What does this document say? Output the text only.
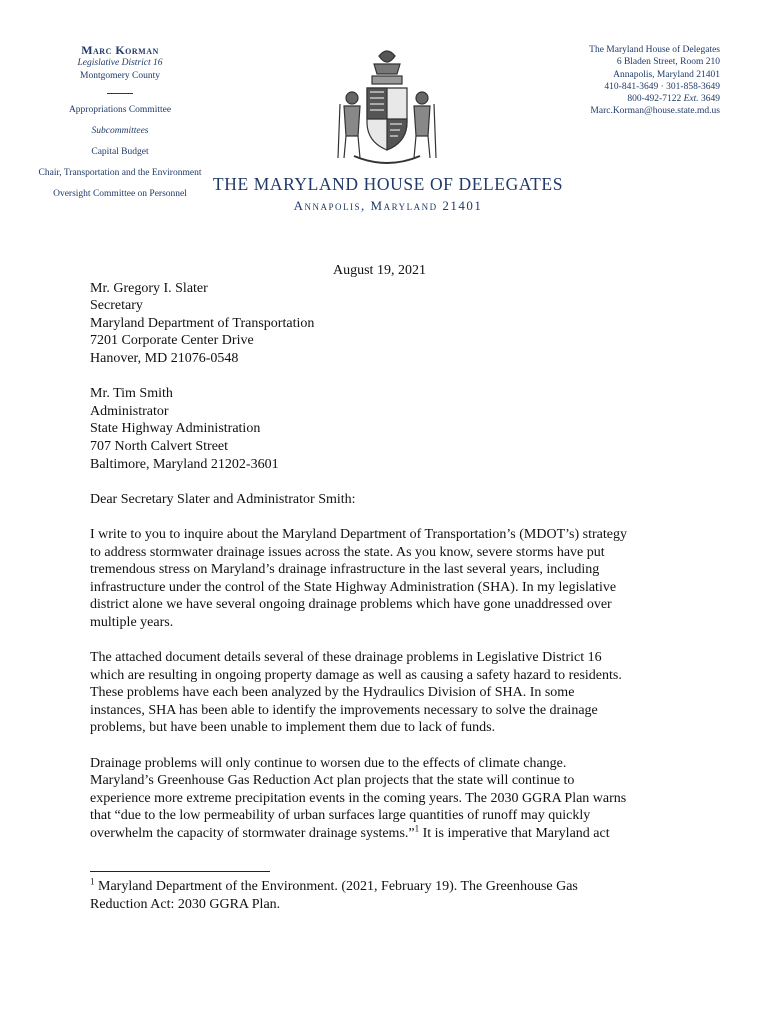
Marc Korman
Legislative District 16
Montgomery County
Appropriations Committee
Subcommittees
Capital Budget
Chair, Transportation and the Environment
Oversight Committee on Personnel
The Maryland House of Delegates
6 Bladen Street, Room 210
Annapolis, Maryland 21401
410-841-3649 · 301-858-3649
800-492-7122 Ext. 3649
Marc.Korman@house.state.md.us
THE MARYLAND HOUSE OF DELEGATES
Annapolis, Maryland 21401
August 19, 2021
Mr. Gregory I. Slater
Secretary
Maryland Department of Transportation
7201 Corporate Center Drive
Hanover, MD 21076-0548
Mr. Tim Smith
Administrator
State Highway Administration
707 North Calvert Street
Baltimore, Maryland 21202-3601
Dear Secretary Slater and Administrator Smith:

I write to you to inquire about the Maryland Department of Transportation’s (MDOT’s) strategy

to address stormwater drainage issues across the state. As you know, severe storms have put

tremendous stress on Maryland’s drainage infrastructure in the last several years, including

infrastructure under the control of the State Highway Administration (SHA). In my legislative

district alone we have several ongoing drainage problems which have gone unaddressed over

multiple years.

The attached document details several of these drainage problems in Legislative District 16

which are resulting in ongoing property damage as well as causing a safety hazard to residents.

These problems have each been analyzed by the Hydraulics Division of SHA. In some

instances, SHA has been able to identify the improvements necessary to solve the drainage

problems, but have been unable to implement them due to lack of funds.

Drainage problems will only continue to worsen due to the effects of climate change.

Maryland’s Greenhouse Gas Reduction Act plan projects that the state will continue to

experience more extreme precipitation events in the coming years. The 2030 GGRA Plan warns

that “due to the low permeability of urban surfaces large quantities of runoff may quickly

overwhelm the capacity of stormwater drainage systems.”$^1$ It is imperative that Maryland act

$^1$ Maryland Department of the Environment. (2021, February 19). The Greenhouse Gas
Reduction Act: 2030 GGRA Plan.
